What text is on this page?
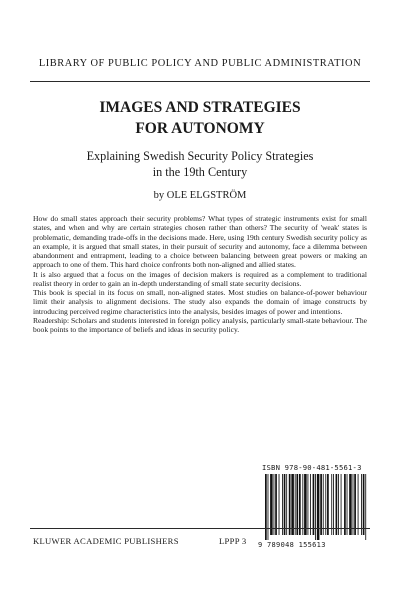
LIBRARY OF PUBLIC POLICY AND PUBLIC ADMINISTRATION
IMAGES AND STRATEGIES
FOR AUTONOMY
Explaining Swedish Security Policy Strategies
in the 19th Century
by OLE ELGSTRÖM

How do small states approach their security problems? What types of strategic instruments exist for small states, and when and why are certain strategies chosen rather than others? The security of 'weak' states is problematic, demanding trade-offs in the decisions made. Here, using 19th century Swedish security policy as an example, it is argued that small states, in their pursuit of security and autonomy, face a dilemma between abandonment and entrapment, leading to a choice between balancing between great powers or making an approach to one of them. This hard choice confronts both non-aligned and allied states.

It is also argued that a focus on the images of decision makers is required as a complement to traditional realist theory in order to gain an in-depth understanding of small state security decisions.

This book is special in its focus on small, non-aligned states. Most studies on balance-of-power behaviour limit their analysis to alignment decisions. The study also expands the domain of image constructs by introducing perceived regime characteristics into the analysis, besides images of power and intentions.

Readership: Scholars and students interested in foreign policy analysis, particularly small-state behaviour. The book points to the importance of beliefs and ideas in security policy.

ISBN 978-90-481-5561-3
9 789048 155613
KLUWER ACADEMIC PUBLISHERS	LPPP 3
